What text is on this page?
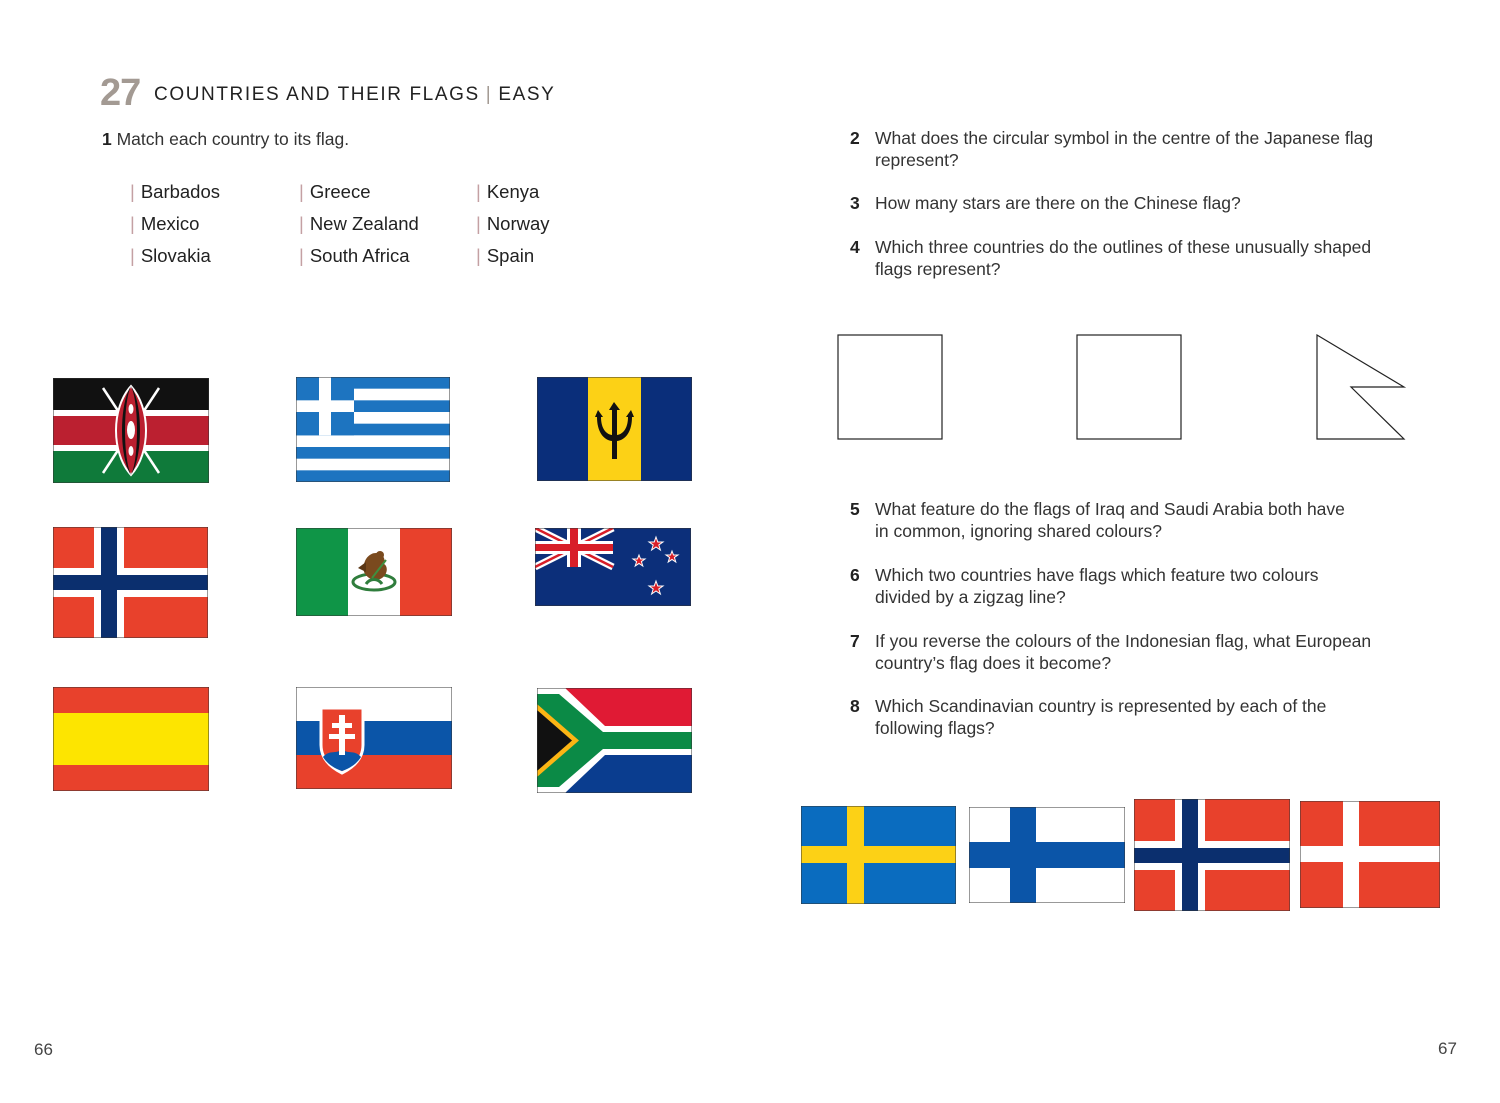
27 COUNTRIES AND THEIR FLAGS | EASY
1 Match each country to its flag.
| Barbados	| Greece	| Kenya
| Mexico	| New Zealand	| Norway
| Slovakia	| South Africa	| Spain
2 What does the circular symbol in the centre of the Japanese flag
represent?
3 How many stars are there on the Chinese flag?
4 Which three countries do the outlines of these unusually shaped
flags represent?
5 What feature do the flags of Iraq and Saudi Arabia both have
in common, ignoring shared colours?
6 Which two countries have flags which feature two colours
divided by a zigzag line?
7 If you reverse the colours of the Indonesian flag, what European
country’s flag does it become?
8 Which Scandinavian country is represented by each of the
following flags?
66	67
